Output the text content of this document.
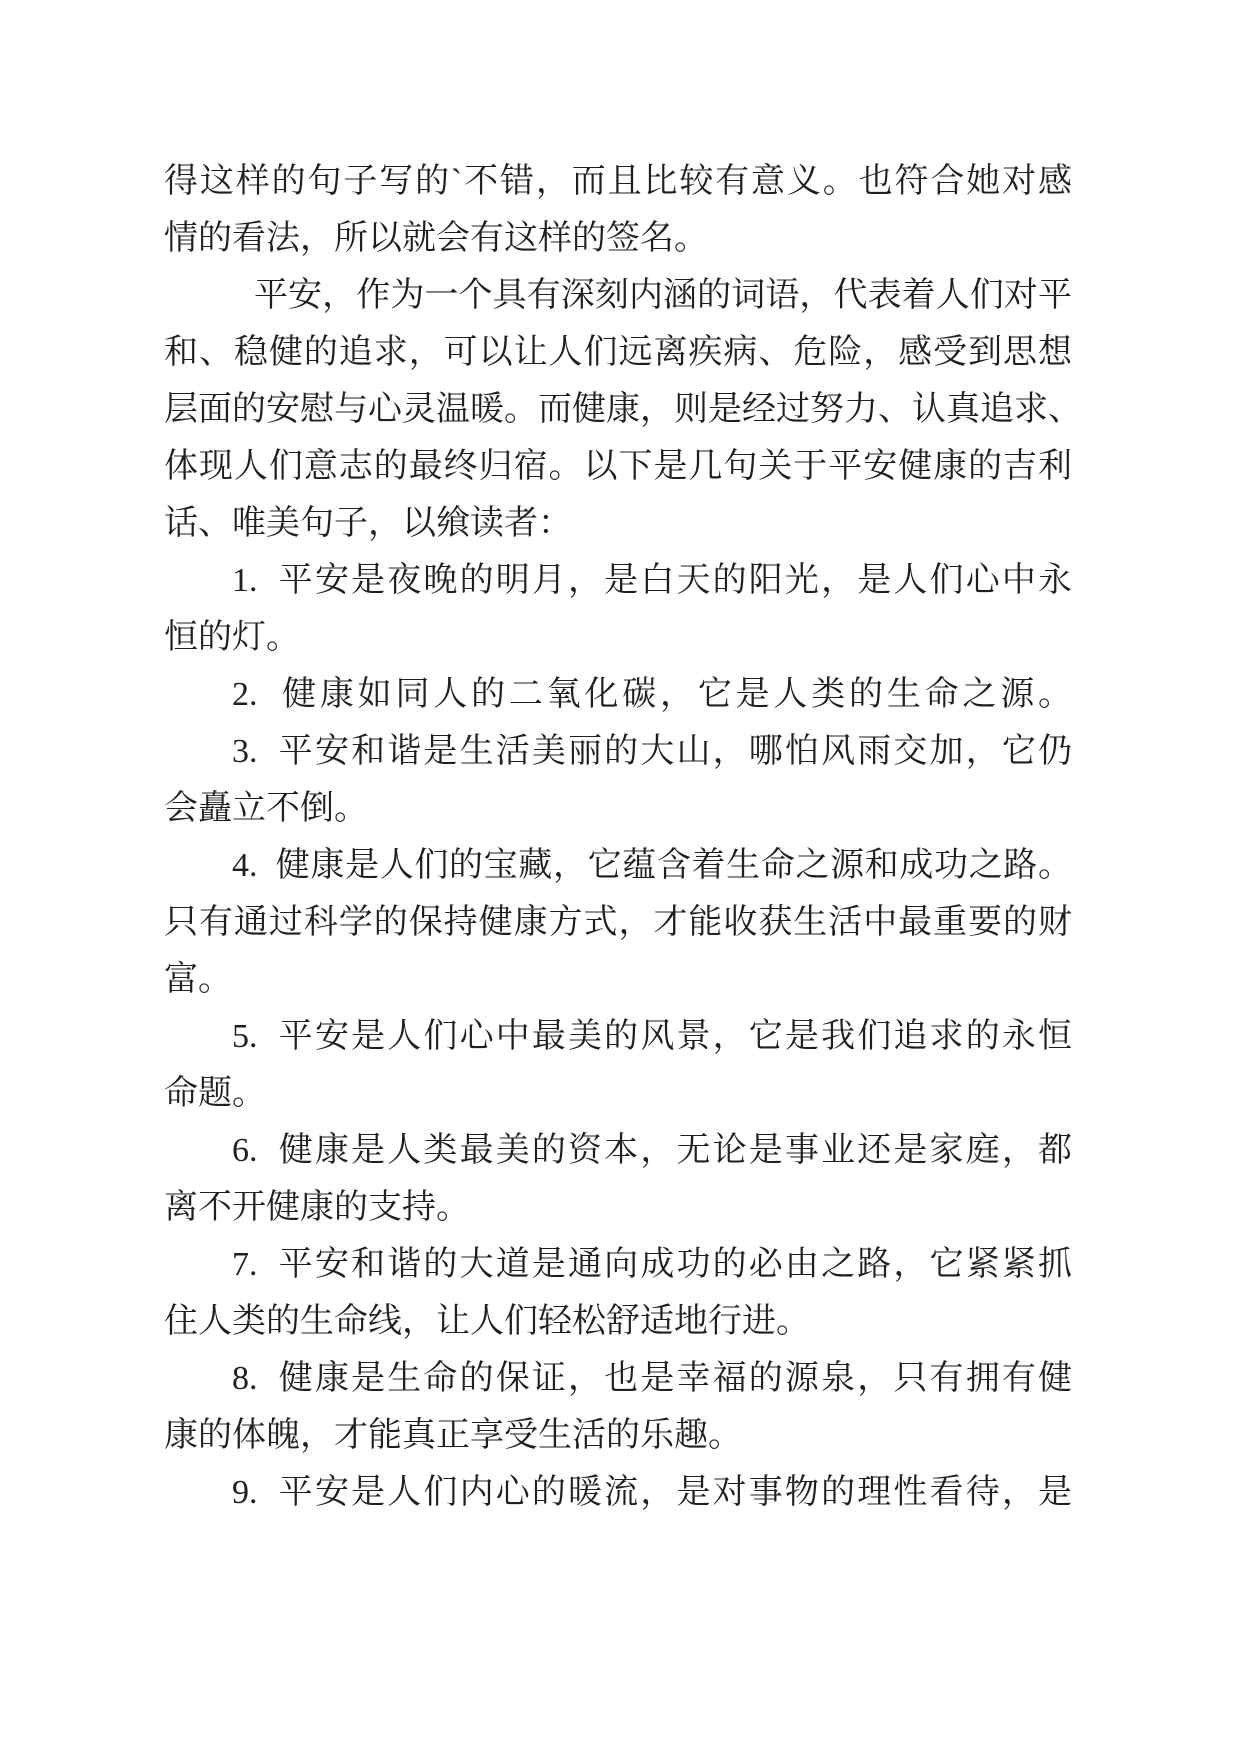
得这样的句子写的`不错，而且比较有意义。也符合她对感
情的看法，所以就会有这样的签名。
平安，作为一个具有深刻内涵的词语，代表着人们对平
和、稳健的追求，可以让人们远离疾病、危险，感受到思想
层面的安慰与心灵温暖。而健康，则是经过努力、认真追求、
体现人们意志的最终归宿。以下是几句关于平安健康的吉利
话、唯美句子，以飨读者：
1.  平安是夜晚的明月，是白天的阳光，是人们心中永
恒的灯。
2.  健康如同人的二氧化碳，它是人类的生命之源。
3.  平安和谐是生活美丽的大山，哪怕风雨交加，它仍
会矗立不倒。
4.  健康是人们的宝藏，它蕴含着生命之源和成功之路。
只有通过科学的保持健康方式，才能收获生活中最重要的财
富。
5.  平安是人们心中最美的风景，它是我们追求的永恒
命题。
6.  健康是人类最美的资本，无论是事业还是家庭，都
离不开健康的支持。
7.  平安和谐的大道是通向成功的必由之路，它紧紧抓
住人类的生命线，让人们轻松舒适地行进。
8.  健康是生命的保证，也是幸福的源泉，只有拥有健
康的体魄，才能真正享受生活的乐趣。
9.  平安是人们内心的暖流，是对事物的理性看待，是
